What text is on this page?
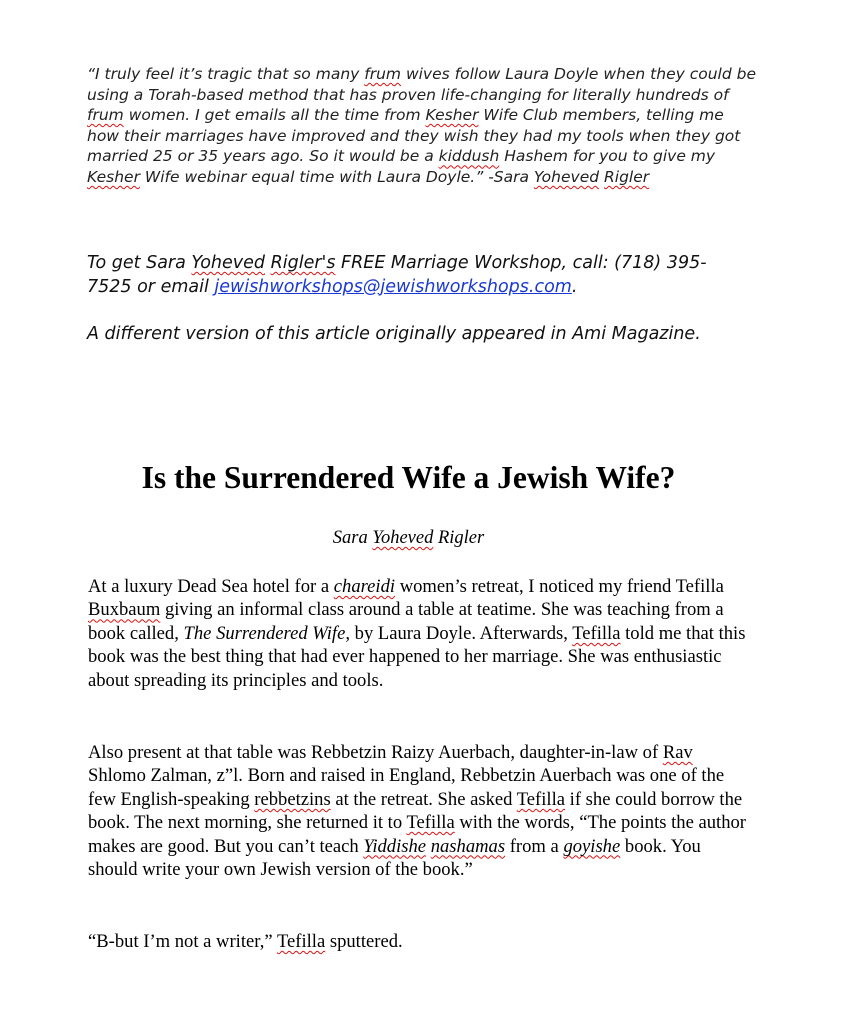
“I truly feel it’s tragic that so many frum wives follow Laura Doyle when they could be using a Torah-based method that has proven life-changing for literally hundreds of frum women. I get emails all the time from Kesher Wife Club members, telling me how their marriages have improved and they wish they had my tools when they got married 25 or 35 years ago. So it would be a kiddush Hashem for you to give my Kesher Wife webinar equal time with Laura Doyle.” -Sara Yoheved Rigler

To get Sara Yoheved Rigler's FREE Marriage Workshop, call: (718) 395-7525 or email jewishworkshops@jewishworkshops.com.

A different version of this article originally appeared in Ami Magazine.

Is the Surrendered Wife a Jewish Wife?

Sara Yoheved Rigler

At a luxury Dead Sea hotel for a chareidi women’s retreat, I noticed my friend Tefilla Buxbaum giving an informal class around a table at teatime. She was teaching from a book called, The Surrendered Wife, by Laura Doyle. Afterwards, Tefilla told me that this book was the best thing that had ever happened to her marriage. She was enthusiastic about spreading its principles and tools.

Also present at that table was Rebbetzin Raizy Auerbach, daughter-in-law of Rav Shlomo Zalman, z”l. Born and raised in England, Rebbetzin Auerbach was one of the few English-speaking rebbetzins at the retreat. She asked Tefilla if she could borrow the book. The next morning, she returned it to Tefilla with the words, “The points the author makes are good. But you can’t teach Yiddishe nashamas from a goyishe book. You should write your own Jewish version of the book.”

“B-but I’m not a writer,” Tefilla sputtered.
